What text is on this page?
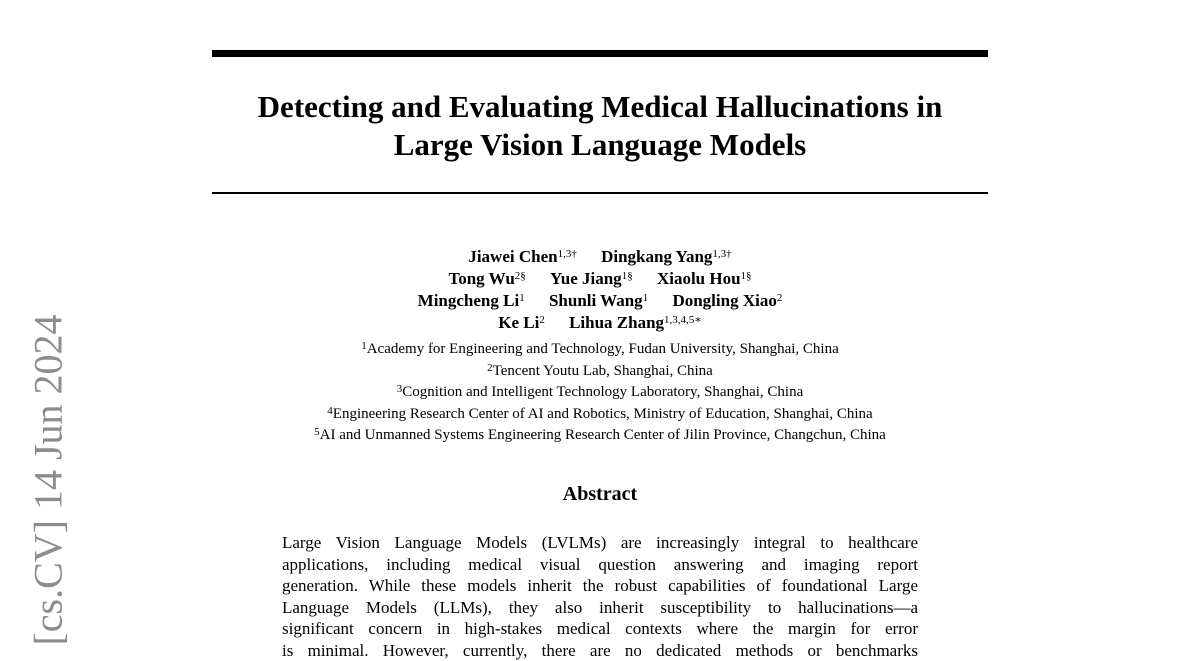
Detecting and Evaluating Medical Hallucinations in
Large Vision Language Models
Jiawei Chen$^{1,3\dagger}$ Dingkang Yang$^{1,3\dagger}$
Tong $Wu^{2\S}$ Yue Jiang$^{1\S}$ Xiaolu Hou$^{1\S}$
Mingcheng Li$^1$ Shunli Wang$^1$ Dongling Xiao$^2$
Ke Li$^2$ Lihua Zhang$^{1,3,4,5∗}$
$^1$Academy for Engineering and Technology, Fudan University, Shanghai, China
$^2$Tencent Youtu Lab, Shanghai, China
$^3$Cognition and Intelligent Technology Laboratory, Shanghai, China
$^4$Engineering Research Center of AI and Robotics, Ministry of Education, Shanghai, China
$^5$AI and Unmanned Systems Engineering Research Center of Jilin Province, Changchun, China
Abstract
Large Vision Language Models (LVLMs) are increasingly integral to healthcare
applications, including medical visual question answering and imaging report
generation. While these models inherit the robust capabilities of foundational Large
Language Models (LLMs), they also inherit susceptibility to hallucinations—a
significant concern in high-stakes medical contexts where the margin for error
is minimal. However, currently, there are no dedicated methods or benchmarks
[cs.CV] 14 Jun 2024
